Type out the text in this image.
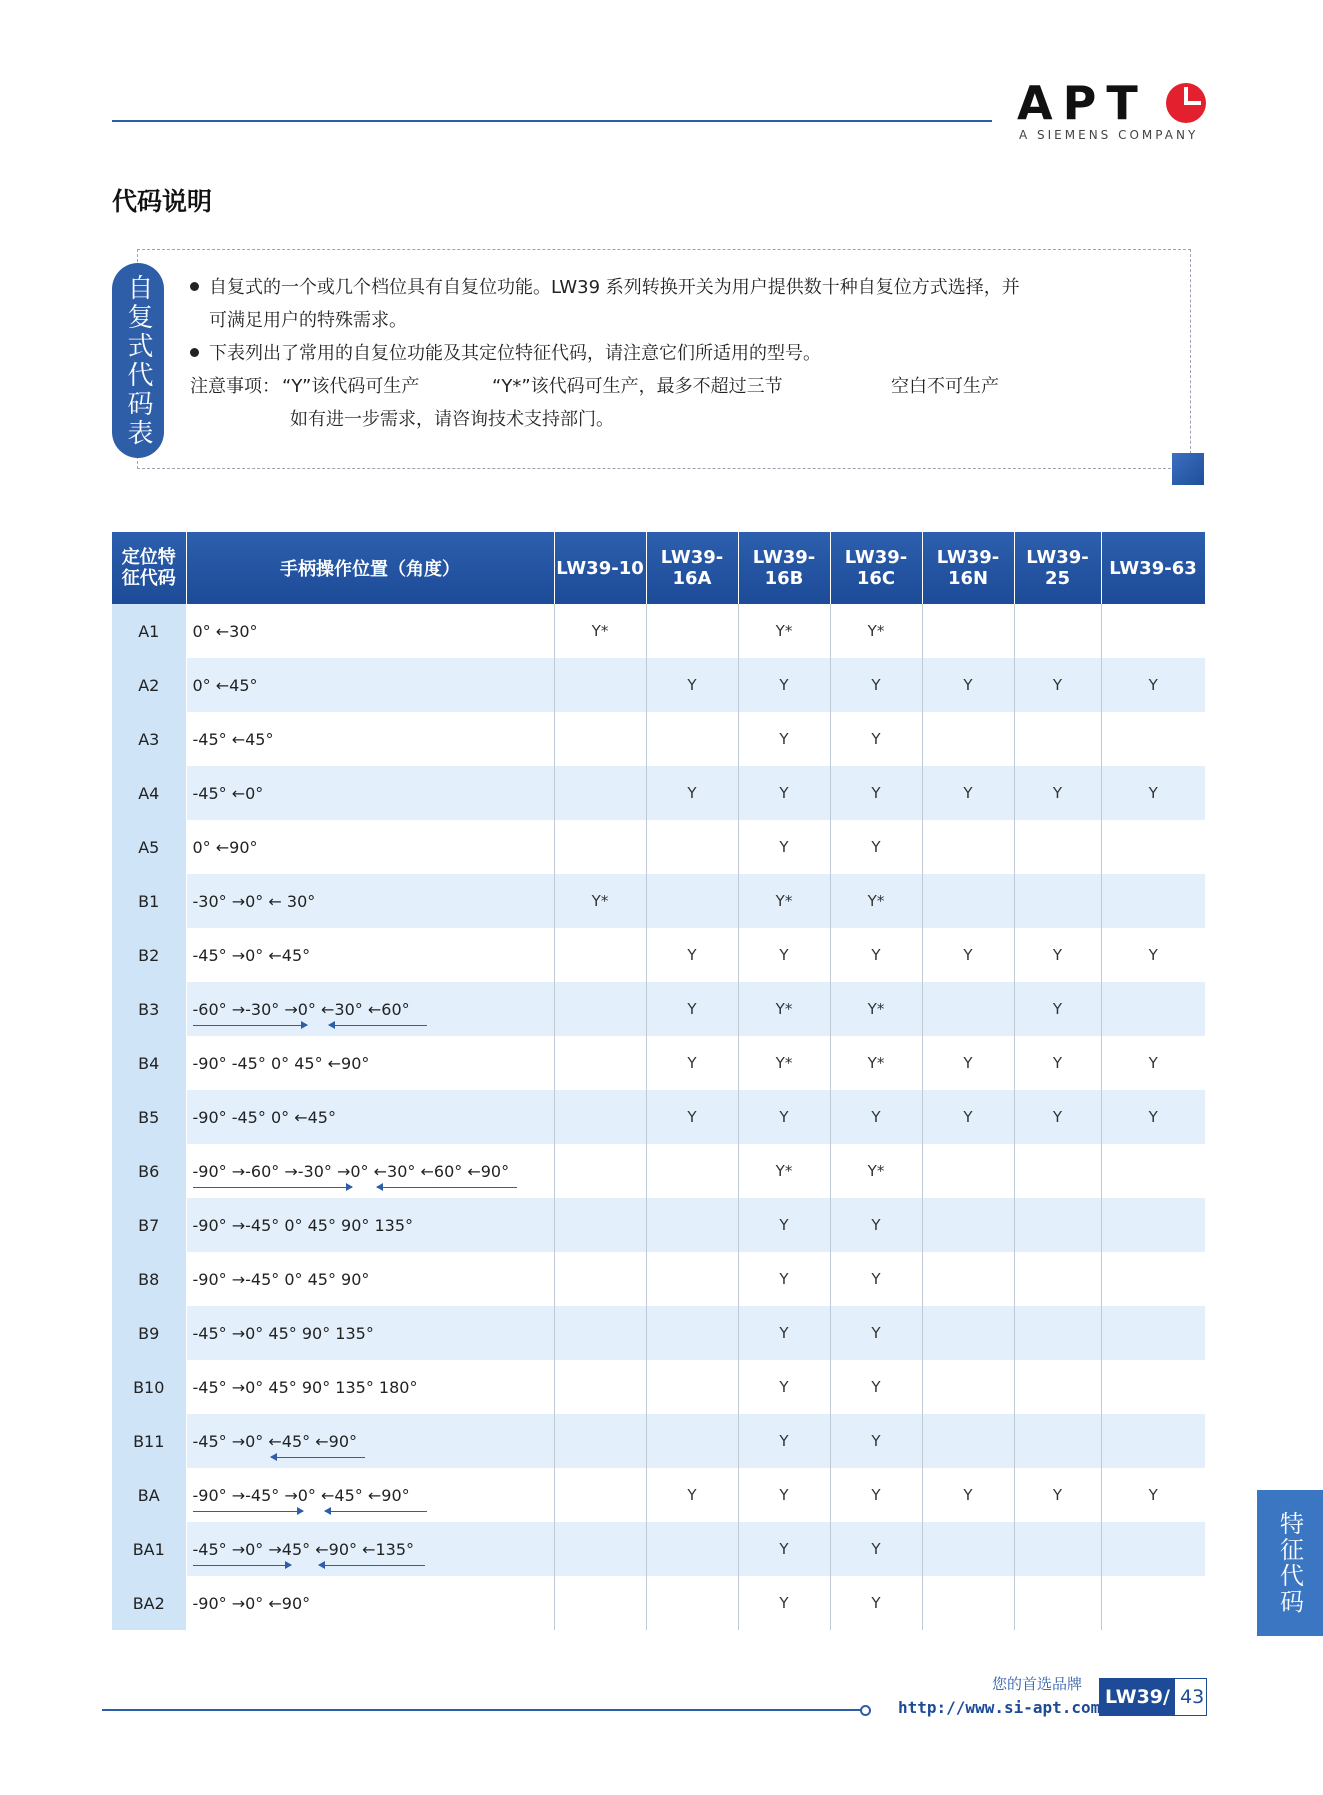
APT
A SIEMENS COMPANY
代码说明
自复式代码表	自复式的一个或几个档位具有自复位功能。LW39 系列转换开关为用户提供数十种自复位方式选择，并
可满足用户的特殊需求。
下表列出了常用的自复位功能及其定位特征代码，请注意它们所适用的型号。
注意事项： “Y”该代码可生产	“Y*”该代码可生产，最多不超过三节	空白不可生产
如有进一步需求，请咨询技术支持部门。
定位特
征代码	手柄操作位置（角度）	LW39-10	LW39-16A	LW39-16B	LW39-16C	LW39-16N	LW39-25	LW39-63
A1	0° ←30°	Y*		Y*	Y*			
A2	0° ←45°		Y	Y	Y	Y	Y	Y
A3	-45° ←45°			Y	Y			
A4	-45° ←0°		Y	Y	Y	Y	Y	Y
A5	0° ←90°			Y	Y			
B1	-30° →0° ← 30°	Y*		Y*	Y*			
B2	-45° →0° ←45°		Y	Y	Y	Y	Y	Y
B3	-60° →-30° →0° ←30° ←60°		Y	Y*	Y*		Y	
B4	-90° -45° 0° 45° ←90°		Y	Y*	Y*	Y	Y	Y
B5	-90° -45° 0° ←45°		Y	Y	Y	Y	Y	Y
B6	-90° →-60° →-30° →0° ←30° ←60° ←90°			Y*	Y*			
B7	-90° →-45° 0° 45° 90° 135°			Y	Y			
B8	-90° →-45° 0° 45° 90°			Y	Y			
B9	-45° →0° 45° 90° 135°			Y	Y			
B10	-45° →0° 45° 90° 135° 180°			Y	Y			
B11	-45° →0° ←45° ←90°			Y	Y			
BA	-90° →-45° →0° ←45° ←90°		Y	Y	Y	Y	Y	Y
BA1	-45° →0° →45° ←90° ←135°			Y	Y			
BA2	-90° →0° ←90°			Y	Y				特征代码
您的首选品牌
http://www.si-apt.com LW39/ 43
